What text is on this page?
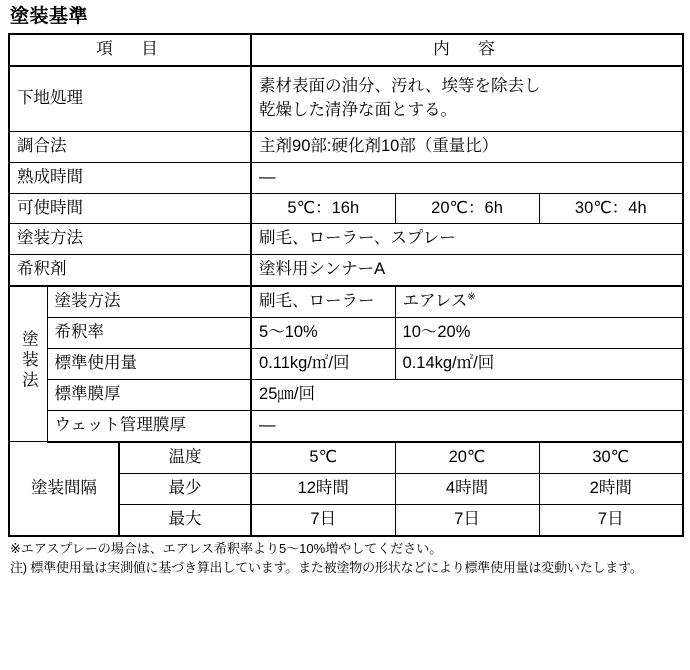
塗装基準
項　目			内　容		
下地処理			素材表面の油分、汚れ、埃等を除去し
乾燥した清浄な面とする。		

調合法			主剤90部:硬化剤10部（重量比）		
熟成時間			—		
可使時間			5℃：16h	20℃：6h	30℃：4h
塗装方法			刷毛、ローラー、スプレー		
希釈剤			塗料用シンナーA		
塗装法	塗装方法		刷毛、ローラー	エアレス※
	希釈率		5〜10%	10〜20%	
	標準使用量		0.11kg/㎡/回	0.14kg/㎡/回	
	標準膜厚		25㎛/回		
	ウェット管理膜厚		—		
塗装間隔		温度	5℃	20℃	30℃
		最少	12時間	4時間	2時間
		最大	7日	7日	7日
※エアスプレーの場合は、エアレス希釈率より5〜10%増やしてください。
注) 標準使用量は実測値に基づき算出しています。また被塗物の形状などにより標準使用量は変動いたします。
